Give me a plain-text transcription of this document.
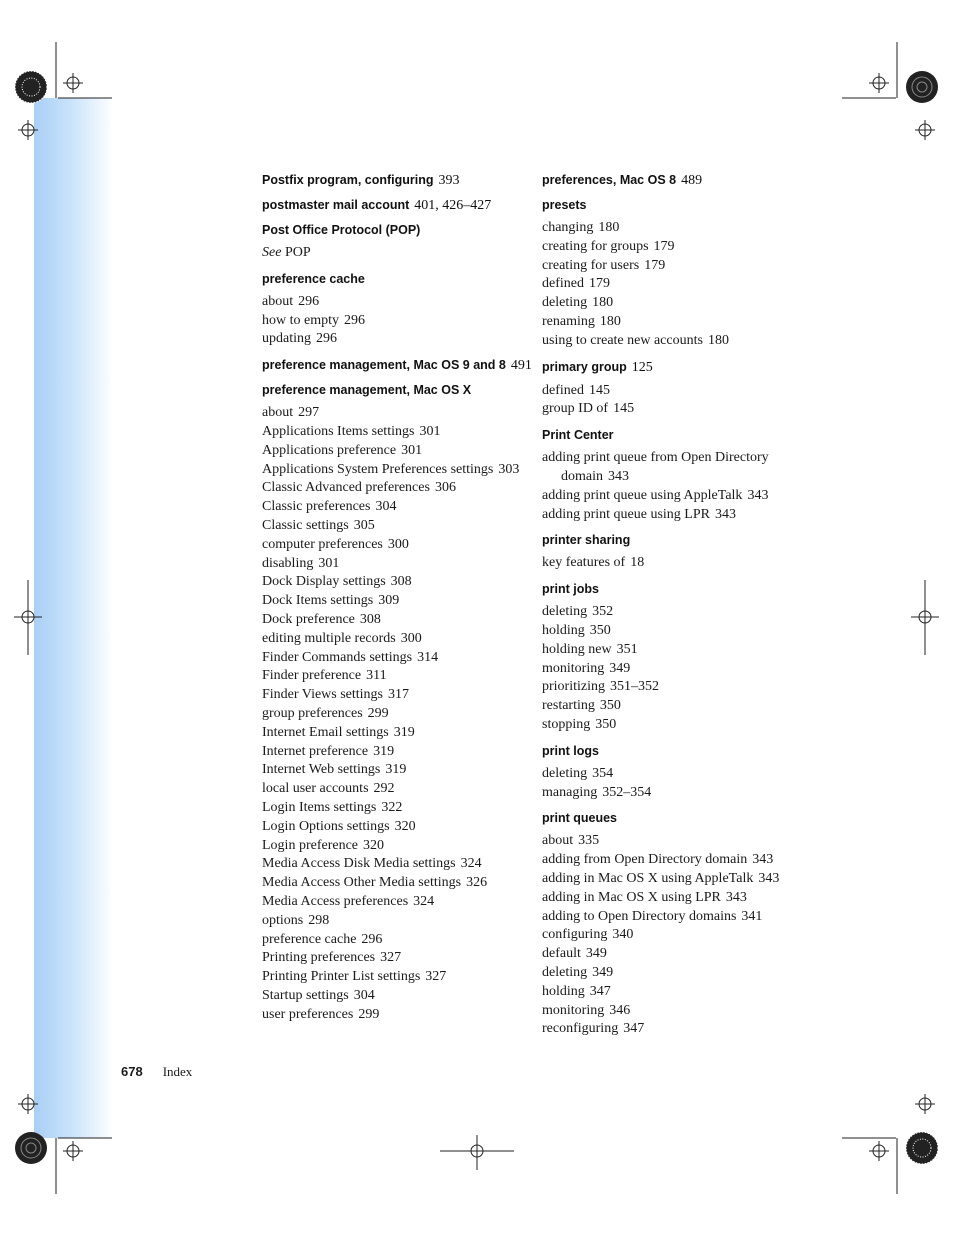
Postfix program, configuring 393
postmaster mail account 401, 426–427
Post Office Protocol (POP)
See POP
preference cache
about 296
how to empty 296
updating 296
preference management, Mac OS 9 and 8 491
preference management, Mac OS X
about 297
Applications Items settings 301
Applications preference 301
Applications System Preferences settings 303
Classic Advanced preferences 306
Classic preferences 304
Classic settings 305
computer preferences 300
disabling 301
Dock Display settings 308
Dock Items settings 309
Dock preference 308
editing multiple records 300
Finder Commands settings 314
Finder preference 311
Finder Views settings 317
group preferences 299
Internet Email settings 319
Internet preference 319
Internet Web settings 319
local user accounts 292
Login Items settings 322
Login Options settings 320
Login preference 320
Media Access Disk Media settings 324
Media Access Other Media settings 326
Media Access preferences 324
options 298
preference cache 296
Printing preferences 327
Printing Printer List settings 327
Startup settings 304
user preferences 299
preferences, Mac OS 8 489
presets
changing 180
creating for groups 179
creating for users 179
defined 179
deleting 180
renaming 180
using to create new accounts 180
primary group 125
defined 145
group ID of 145
Print Center
adding print queue from Open Directory domain 343
adding print queue using AppleTalk 343
adding print queue using LPR 343
printer sharing
key features of 18
print jobs
deleting 352
holding 350
holding new 351
monitoring 349
prioritizing 351–352
restarting 350
stopping 350
print logs
deleting 354
managing 352–354
print queues
about 335
adding from Open Directory domain 343
adding in Mac OS X using AppleTalk 343
adding in Mac OS X using LPR 343
adding to Open Directory domains 341
configuring 340
default 349
deleting 349
holding 347
monitoring 346
reconfiguring 347
678 Index
